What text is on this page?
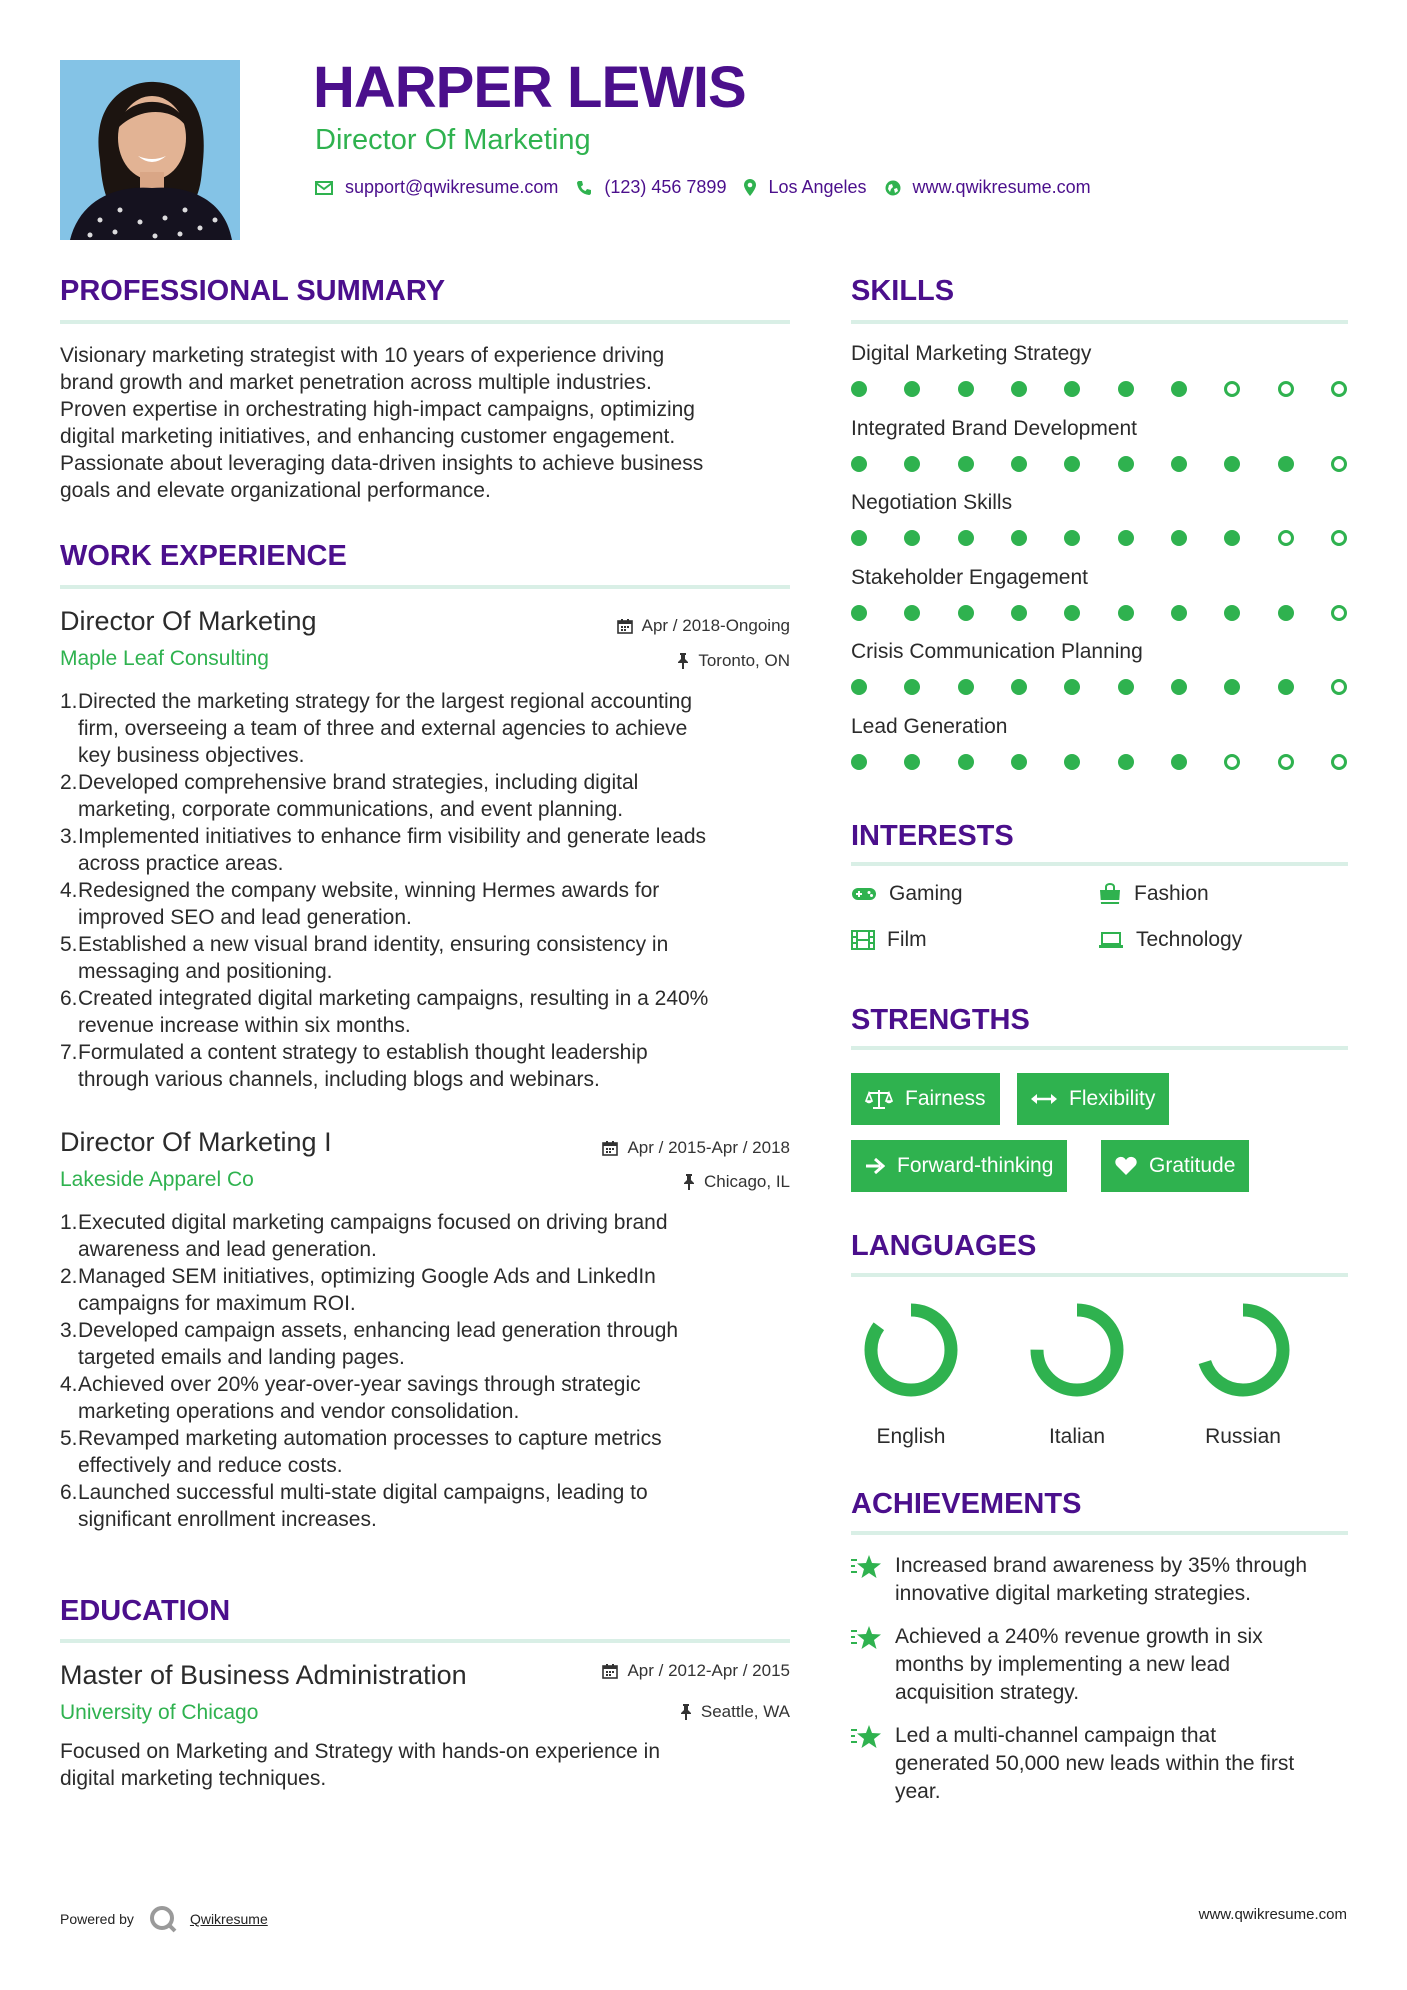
HARPER LEWIS
Director Of Marketing
support@qwikresume.com	(123) 456 7899 Los Angeles	www.qwikresume.com
PROFESSIONAL SUMMARY
Visionary marketing strategist with 10 years of experience driving
brand growth and market penetration across multiple industries.
Proven expertise in orchestrating high-impact campaigns, optimizing
digital marketing initiatives, and enhancing customer engagement.
Passionate about leveraging data-driven insights to achieve business
goals and elevate organizational performance.
WORK EXPERIENCE
Director Of Marketing
Maple Leaf Consulting
Apr / 2018-Ongoing
Toronto, ON
1. Directed the marketing strategy for the largest regional accounting
firm, overseeing a team of three and external agencies to achieve
key business objectives.
2. Developed comprehensive brand strategies, including digital
marketing, corporate communications, and event planning.
3. Implemented initiatives to enhance firm visibility and generate leads
across practice areas.
4. Redesigned the company website, winning Hermes awards for
improved SEO and lead generation.
5. Established a new visual brand identity, ensuring consistency in
messaging and positioning.
6. Created integrated digital marketing campaigns, resulting in a 240%
revenue increase within six months.
7. Formulated a content strategy to establish thought leadership
through various channels, including blogs and webinars.
Director Of Marketing I
Lakeside Apparel Co
Apr / 2015-Apr / 2018
Chicago, IL
1. Executed digital marketing campaigns focused on driving brand
awareness and lead generation.
2. Managed SEM initiatives, optimizing Google Ads and LinkedIn
campaigns for maximum ROI.
3. Developed campaign assets, enhancing lead generation through
targeted emails and landing pages.
4. Achieved over 20% year-over-year savings through strategic
marketing operations and vendor consolidation.
5. Revamped marketing automation processes to capture metrics
effectively and reduce costs.
6. Launched successful multi-state digital campaigns, leading to
significant enrollment increases.
EDUCATION
Master of Business Administration
University of Chicago
Apr / 2012-Apr / 2015
Seattle, WA
Focused on Marketing and Strategy with hands-on experience in
digital marketing techniques.
SKILLS
Digital Marketing Strategy
Integrated Brand Development
Negotiation Skills
Stakeholder Engagement
Crisis Communication Planning
Lead Generation
INTERESTS
Gaming	Fashion
Film	Technology
STRENGTHS
Fairness	Flexibility
Forward-thinking	Gratitude
LANGUAGES
English	Italian	Russian
ACHIEVEMENTS
Increased brand awareness by 35% through
innovative digital marketing strategies.
Achieved a 240% revenue growth in six
months by implementing a new lead
acquisition strategy.
Led a multi-channel campaign that
generated 50,000 new leads within the first
year.
Powered by	Qwikresume	www.qwikresume.com
